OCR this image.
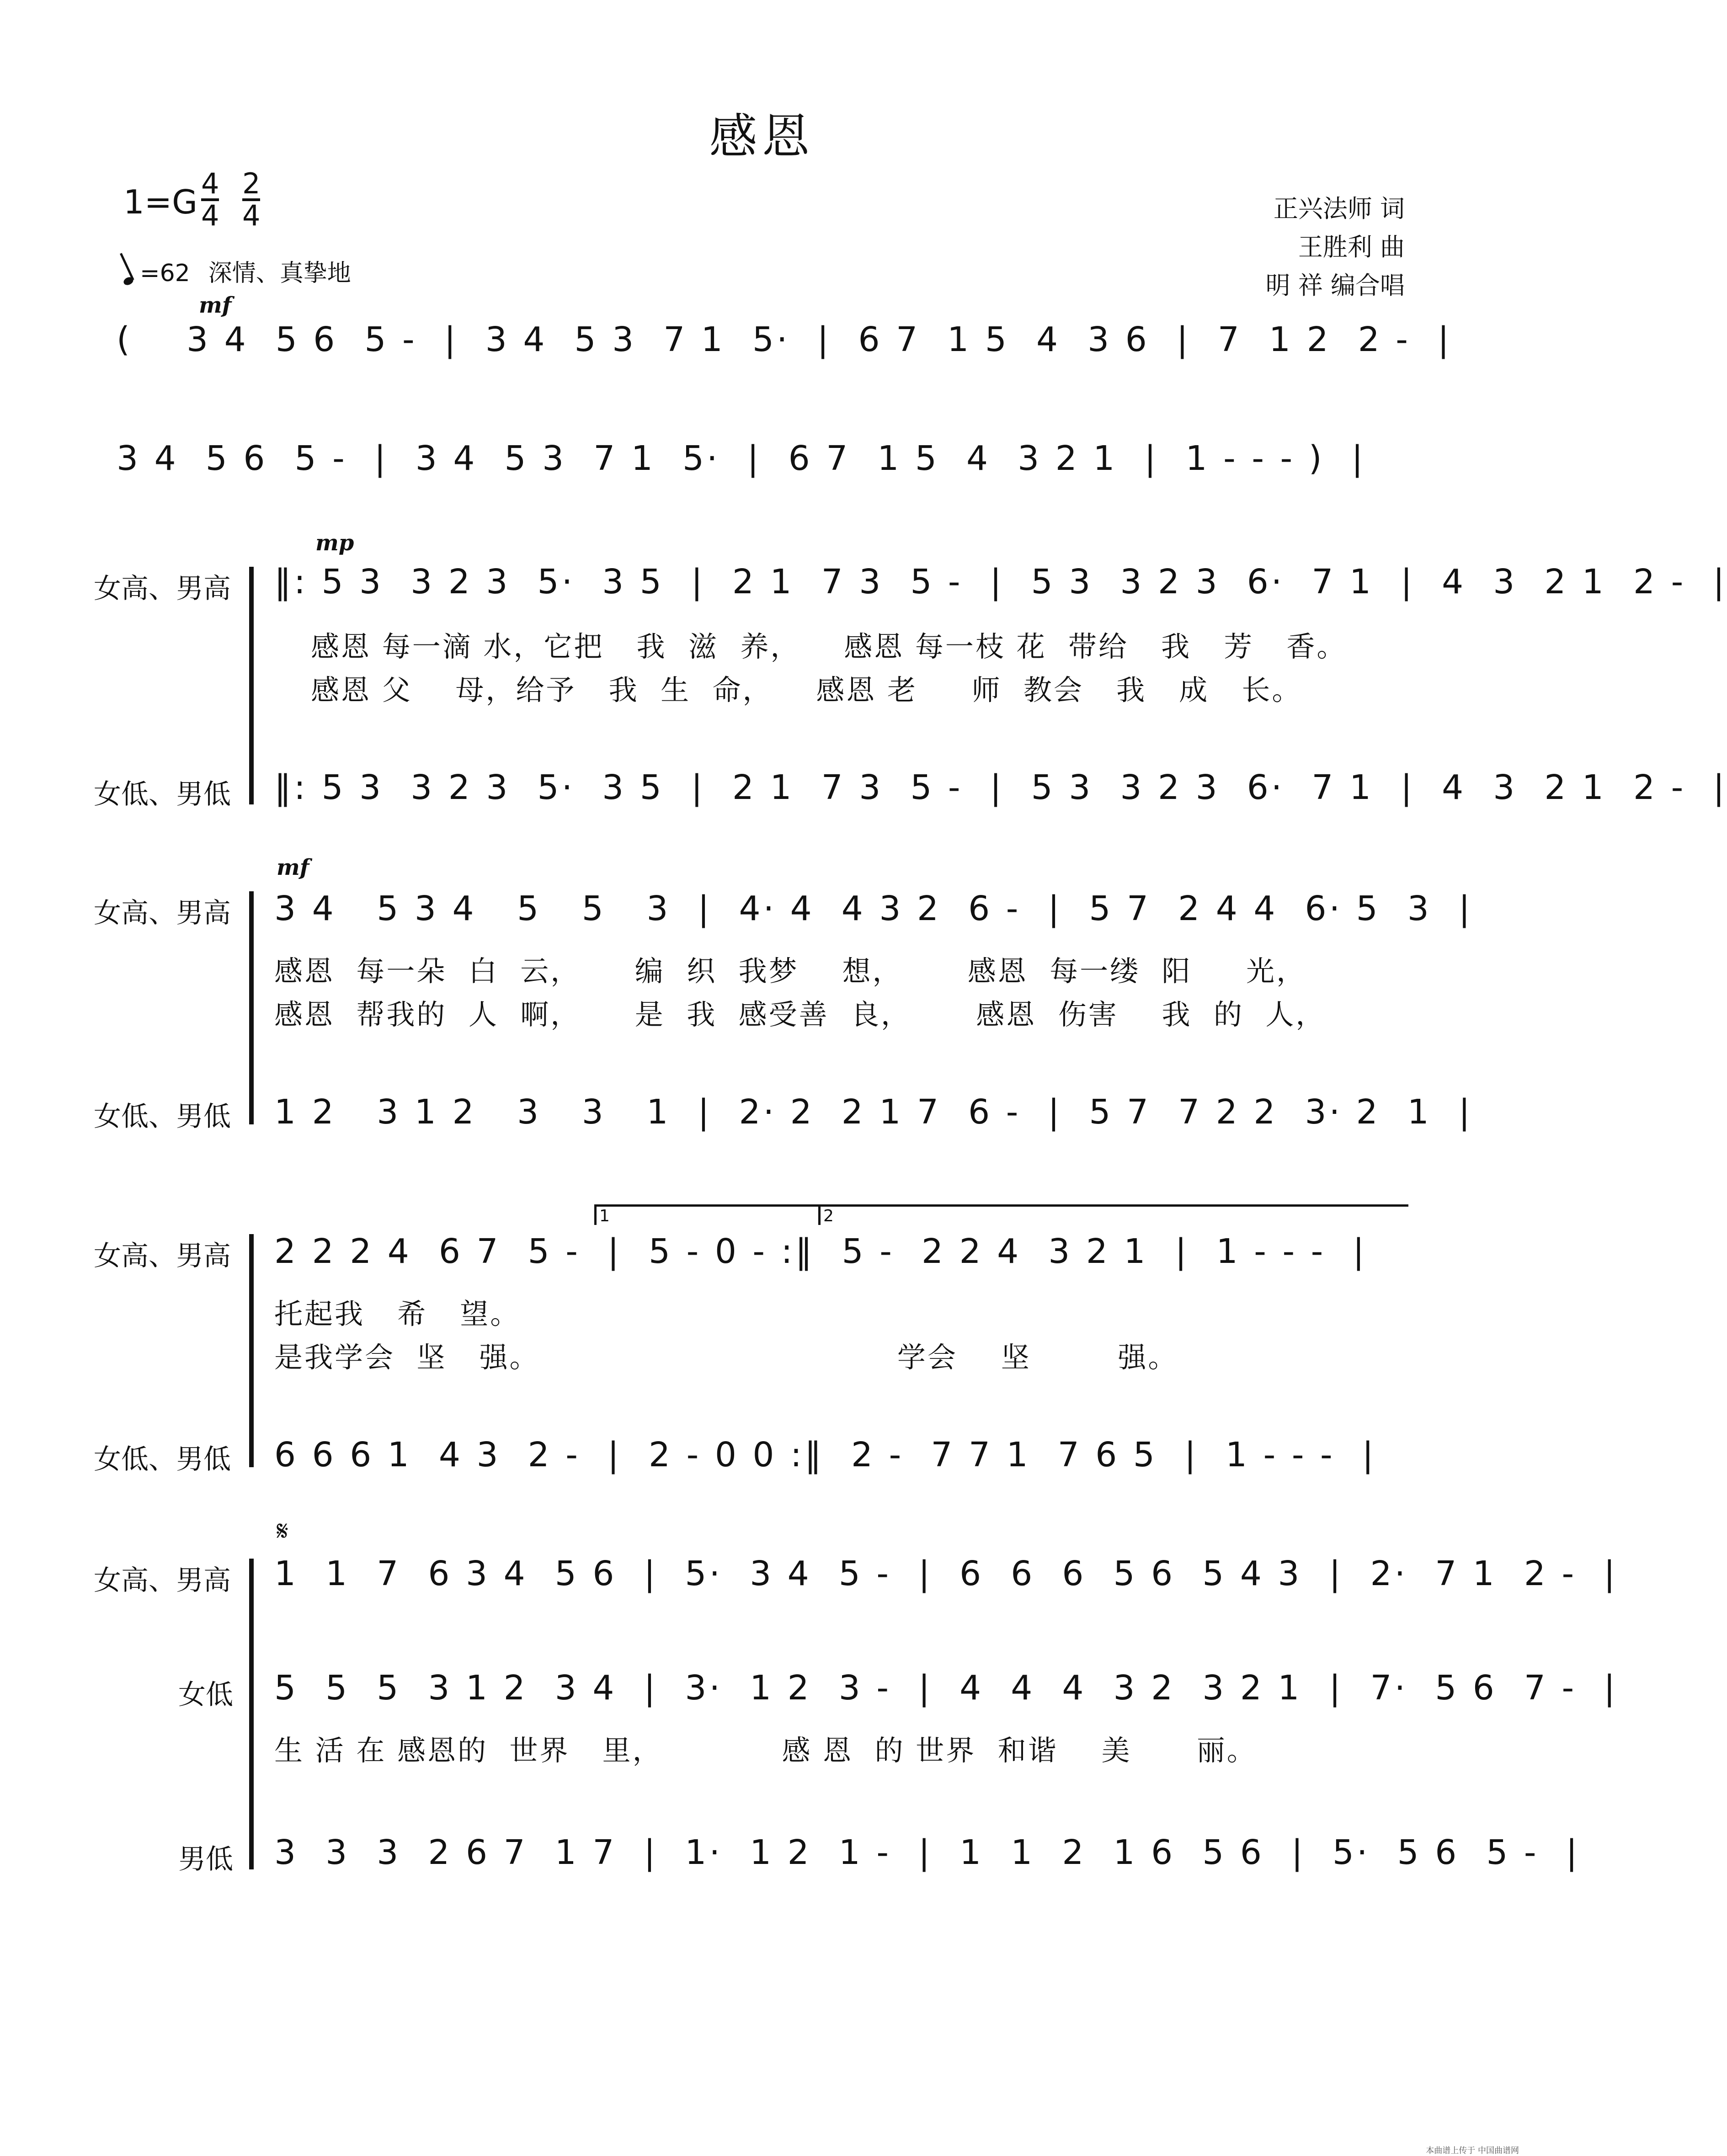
感恩
$1=G \frac{4}{4} \frac{2}{4}$
=62 深情、真挚地
正兴法师 词
王胜利 曲
明 祥 编合唱
mf
(    3 4  5 6  5 -  |  3 4  5 3  7 1  5·  |  6 7  1 5  4  3 6  |  7  1 2  2 -  |
3 4  5 6  5 -  |  3 4  5 3  7 1  5·  |  6 7  1 5  4  3 2 1  |  1 - - - )  |
女高、男高
女低、男低
mp
‖: 5 3  3 2 3  5·  3 5  |  2 1  7 3  5 -  |  5 3  3 2 3  6·  7 1  |  4  3  2 1  2 -  |
感恩 每一滴 水，它把   我  滋  养，    感恩 每一枝 花  带给   我   芳   香。
感恩 父    母，给予   我  生  命，    感恩 老     师  教会   我   成   长。
‖: 5 3  3 2 3  5·  3 5  |  2 1  7 3  5 -  |  5 3  3 2 3  6·  7 1  |  4  3  2 1  2 -  |
女高、男高
女低、男低
mf
3 4   5 3 4   5   5   3  |  4· 4  4 3 2  6 -  |  5 7  2 4 4  6· 5  3  |
感恩  每一朵  白  云，     编  织  我梦    想，      感恩  每一缕  阳     光，
感恩  帮我的  人  啊，     是  我  感受善  良，      感恩  伤害    我  的  人，
1 2   3 1 2   3   3   1  |  2· 2  2 1 7  6 -  |  5 7  7 2 2  3· 2  1  |
女高、男高
女低、男低
1	2
2 2 2 4  6 7  5 -  |  5 - 0 - :‖  5 -  2 2 4  3 2 1  |  1 - - -  |
托起我   希   望。
是我学会  坚   强。                                 学会    坚        强。
6 6 6 1  4 3  2 -  |  2 - 0 0 :‖  2 -  7 7 1  7 6 5  |  1 - - -  |
𝄋
女高、男高
女低
男低
1  1  7  6 3 4  5 6  |  5·  3 4  5 -  |  6  6  6  5 6  5 4 3  |  2·  7 1  2 -  |
5  5  5  3 1 2  3 4  |  3·  1 2  3 -  |  4  4  4  3 2  3 2 1  |  7·  5 6  7 -  |
生 活 在 感恩的  世界   里，           感 恩  的 世界  和谐    美      丽。
3  3  3  2 6 7  1 7  |  1·  1 2  1 -  |  1  1  2  1 6  5 6  |  5·  5 6  5 -  |
本曲谱上传于 中国曲谱网
